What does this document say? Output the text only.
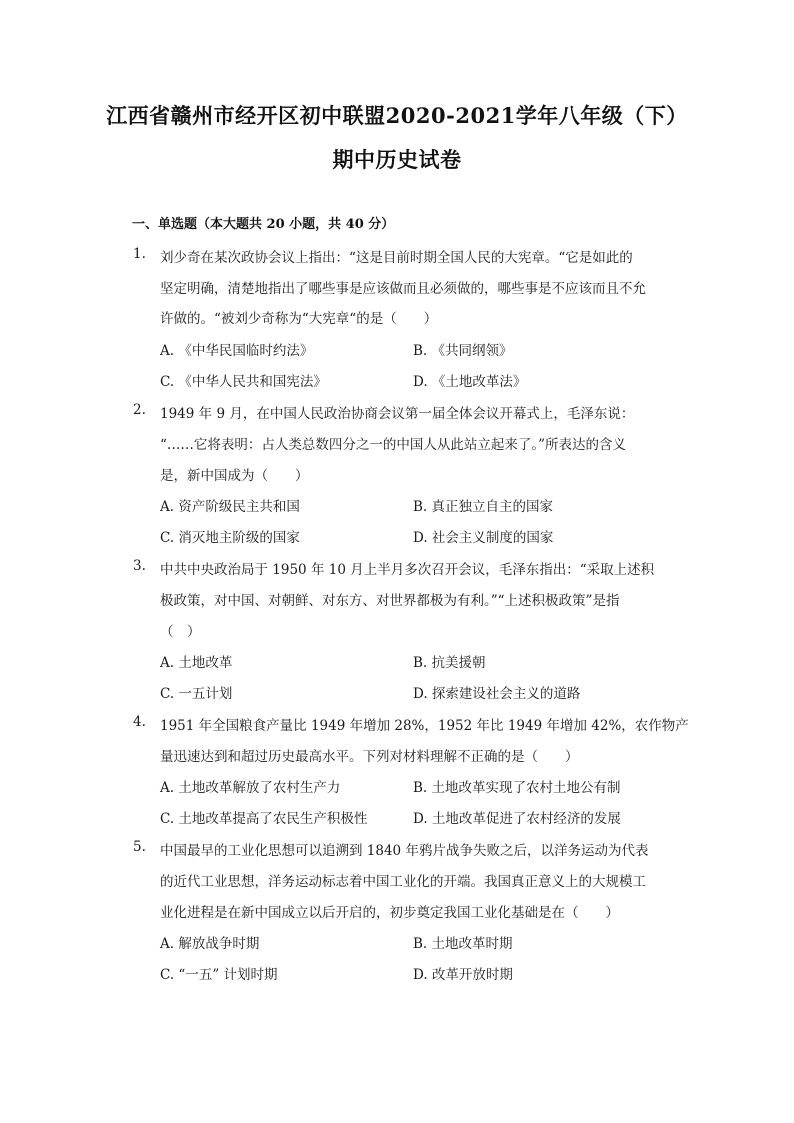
江西省赣州市经开区初中联盟2020-2021学年八年级（下）
期中历史试卷
一、单选题（本大题共 20 小题，共 40 分）
1. 刘少奇在某次政协会议上指出：“这是目前时期全国人民的大宪章。“它是如此的
坚定明确，清楚地指出了哪些事是应该做而且必须做的，哪些事是不应该而且不允
许做的。“被刘少奇称为“大宪章“的是（　　）
A. 《中华民国临时约法》	B. 《共同纲领》
C. 《中华人民共和国宪法》	D. 《土地改革法》
2. 1949 年 9 月，在中国人民政治协商会议第一届全体会议开幕式上，毛泽东说：
“……它将表明：占人类总数四分之一的中国人从此站立起来了。”所表达的含义
是，新中国成为（　　）
A. 资产阶级民主共和国	B. 真正独立自主的国家
C. 消灭地主阶级的国家	D. 社会主义制度的国家
3. 中共中央政治局于 1950 年 10 月上半月多次召开会议，毛泽东指出：“采取上述积
极政策，对中国、对朝鲜、对东方、对世界都极为有利。”“上述积极政策”是指
（　）
A. 土地改革	B. 抗美援朝
C. 一五计划	D. 探索建设社会主义的道路
4. 1951 年全国粮食产量比 1949 年增加 28%，1952 年比 1949 年增加 42%，农作物产
量迅速达到和超过历史最高水平。下列对材料理解不正确的是（　　）
A. 土地改革解放了农村生产力	B. 土地改革实现了农村土地公有制
C. 土地改革提高了农民生产积极性	D. 土地改革促进了农村经济的发展
5. 中国最早的工业化思想可以追溯到 1840 年鸦片战争失败之后，以洋务运动为代表
的近代工业思想，洋务运动标志着中国工业化的开端。我国真正意义上的大规模工
业化进程是在新中国成立以后开启的，初步奠定我国工业化基础是在（　　）
A. 解放战争时期	B. 土地改革时期
C. “一五” 计划时期	D. 改革开放时期
